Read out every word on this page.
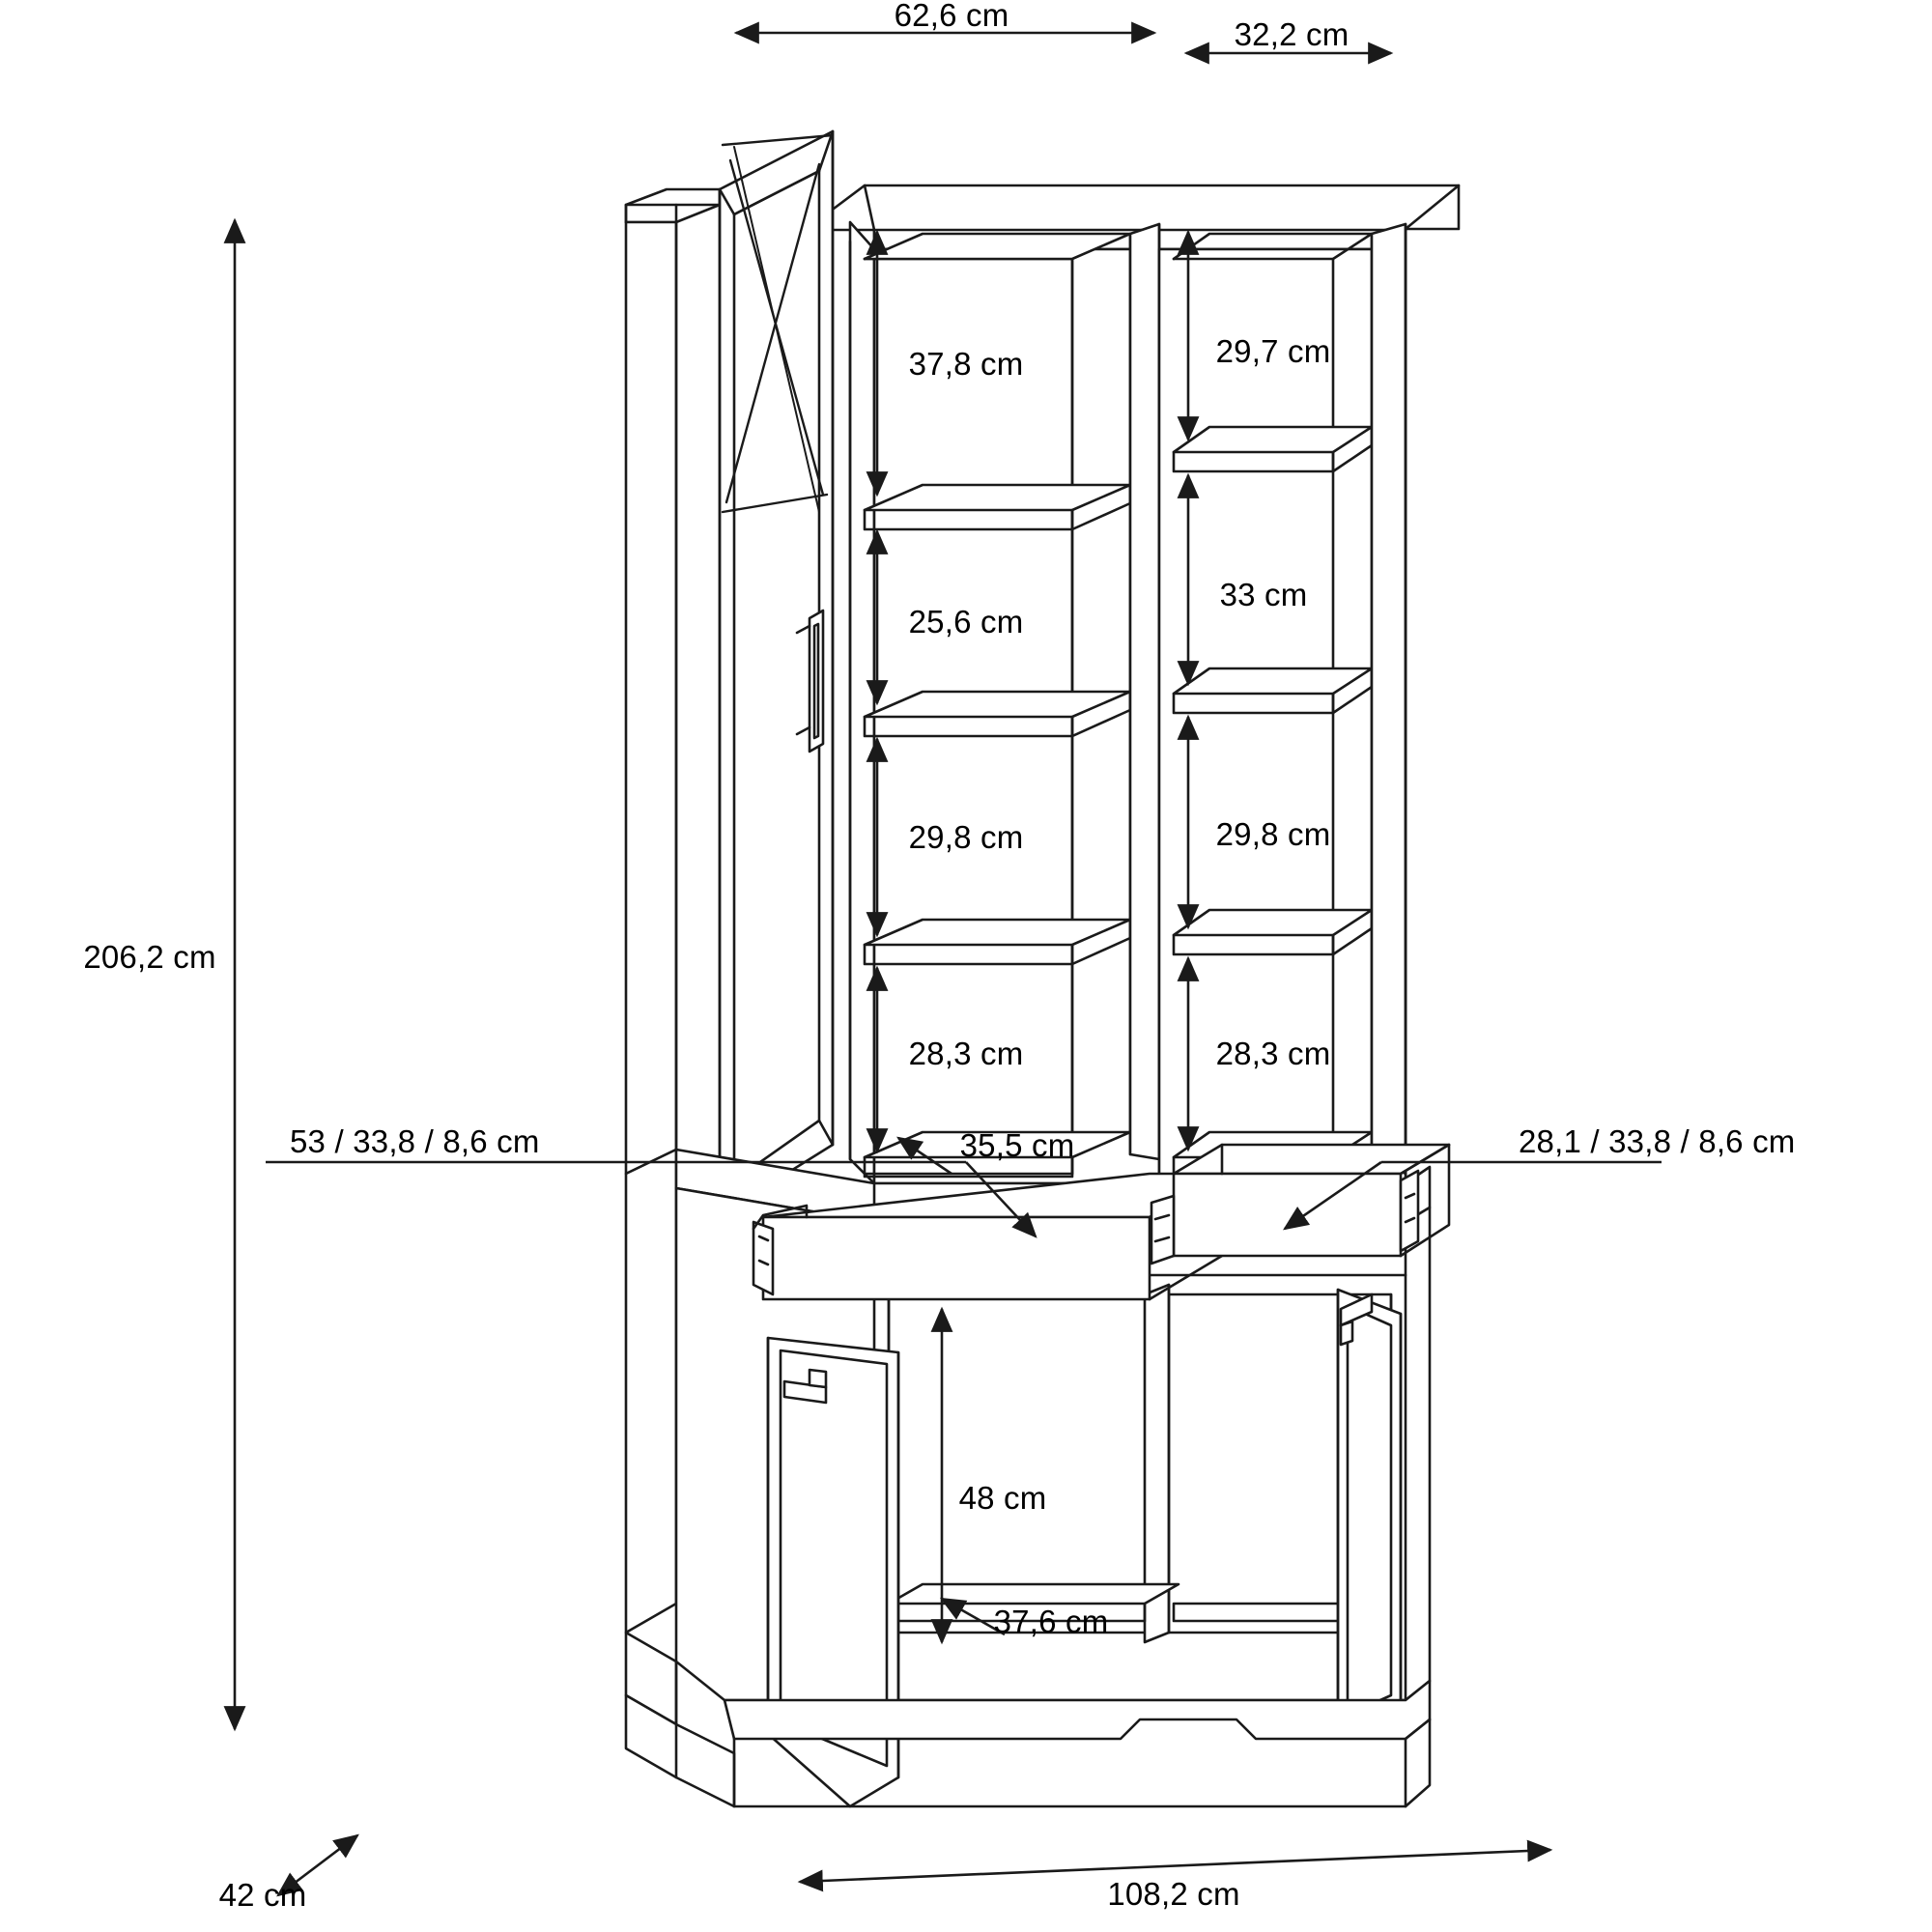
62,6 cm
32,2 cm
206,2 cm
37,8 cm
25,6 cm
29,8 cm
28,3 cm
29,7 cm
33 cm
29,8 cm
28,3 cm
35,5 cm
53 / 33,8 / 8,6 cm	28,1 / 33,8 / 8,6 cm
48 cm
37,6 cm
42 cm	108,2 cm
